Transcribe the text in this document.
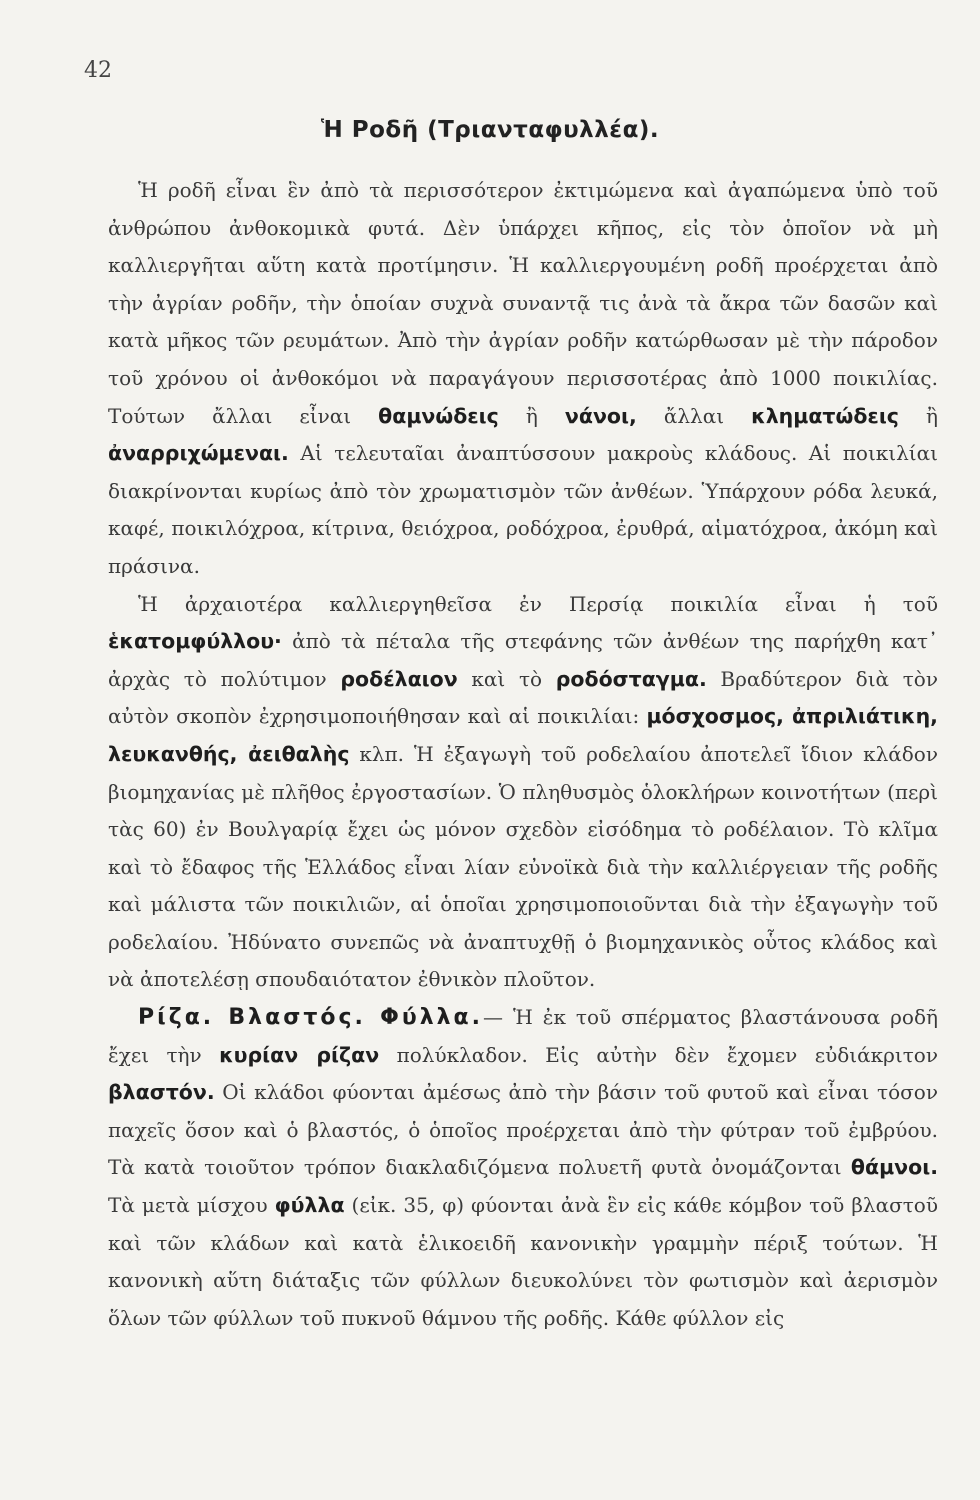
42
Ἡ Ροδῆ (Τριανταφυλλέα).

Ἡ ροδῆ εἶναι ἓν ἀπὸ τὰ περισσότερον ἐκτιμώμενα καὶ ἀγαπώμενα ὑπὸ τοῦ ἀνθρώπου ἀνθοκομικὰ φυτά. Δὲν ὑπάρχει κῆπος, εἰς τὸν ὁποῖον νὰ μὴ καλλιεργῆται αὕτη κατὰ προτίμησιν. Ἡ καλλιεργουμένη ροδῆ προέρχεται ἀπὸ τὴν ἀγρίαν ροδῆν, τὴν ὁποίαν συχνὰ συναντᾷ τις ἀνὰ τὰ ἄκρα τῶν δασῶν καὶ κατὰ μῆκος τῶν ρευμάτων. Ἀπὸ τὴν ἀγρίαν ροδῆν κατώρθωσαν μὲ τὴν πάροδον τοῦ χρόνου οἱ ἀνθοκόμοι νὰ παραγάγουν περισσοτέρας ἀπὸ 1000 ποικιλίας. Τούτων ἄλλαι εἶναι θαμνώδεις ἢ νάνοι, ἄλλαι κληματώδεις ἢ ἀναρριχώμεναι. Αἱ τελευταῖαι ἀναπτύσσουν μακροὺς κλάδους. Αἱ ποικιλίαι διακρίνονται κυρίως ἀπὸ τὸν χρωματισμὸν τῶν ἀνθέων. Ὑπάρχουν ρόδα λευκά, καφέ, ποικιλόχροα, κίτρινα, θειόχροα, ροδόχροα, ἐρυθρά, αἱματόχροα, ἀκόμη καὶ πράσινα.

Ἡ ἀρχαιοτέρα καλλιεργηθεῖσα ἐν Περσίᾳ ποικιλία εἶναι ἡ τοῦ ἑκατομφύλλου· ἀπὸ τὰ πέταλα τῆς στεφάνης τῶν ἀνθέων της παρήχθη κατ᾽ ἀρχὰς τὸ πολύτιμον ροδέλαιον καὶ τὸ ροδόσταγμα. Βραδύτερον διὰ τὸν αὐτὸν σκοπὸν ἐχρησιμοποιήθησαν καὶ αἱ ποικιλίαι: μόσχοσμος, ἀπριλιάτικη, λευκανθής, ἀειθαλὴς κλπ. Ἡ ἐξαγωγὴ τοῦ ροδελαίου ἀποτελεῖ ἴδιον κλάδον βιομηχανίας μὲ πλῆθος ἐργοστασίων. Ὁ πληθυσμὸς ὁλοκλήρων κοινοτήτων (περὶ τὰς 60) ἐν Βουλγαρίᾳ ἔχει ὡς μόνον σχεδὸν εἰσόδημα τὸ ροδέλαιον. Τὸ κλῖμα καὶ τὸ ἔδαφος τῆς Ἑλλάδος εἶναι λίαν εὐνοϊκὰ διὰ τὴν καλλιέργειαν τῆς ροδῆς καὶ μάλιστα τῶν ποικιλιῶν, αἱ ὁποῖαι χρησιμοποιοῦνται διὰ τὴν ἐξαγωγὴν τοῦ ροδελαίου. Ἠδύνατο συνεπῶς νὰ ἀναπτυχθῇ ὁ βιομηχανικὸς οὗτος κλάδος καὶ νὰ ἀποτελέσῃ σπουδαιότατον ἐθνικὸν πλοῦτον.

Ρίζα. Βλαστός. Φύλλα.— Ἡ ἐκ τοῦ σπέρματος βλαστάνουσα ροδῆ ἔχει τὴν κυρίαν ρίζαν πολύκλαδον. Εἰς αὐτὴν δὲν ἔχομεν εὐδιάκριτον βλαστόν. Οἱ κλάδοι φύονται ἀμέσως ἀπὸ τὴν βάσιν τοῦ φυτοῦ καὶ εἶναι τόσον παχεῖς ὅσον καὶ ὁ βλαστός, ὁ ὁποῖος προέρχεται ἀπὸ τὴν φύτραν τοῦ ἐμβρύου. Τὰ κατὰ τοιοῦτον τρόπον διακλαδιζόμενα πολυετῆ φυτὰ ὀνομάζονται θάμνοι. Τὰ μετὰ μίσχου φύλλα (εἰκ. 35, φ) φύονται ἀνὰ ἓν εἰς κάθε κόμβον τοῦ βλαστοῦ καὶ τῶν κλάδων καὶ κατὰ ἑλικοειδῆ κανονικὴν γραμμὴν πέριξ τούτων. Ἡ κανονικὴ αὕτη διάταξις τῶν φύλλων διευκολύνει τὸν φωτισμὸν καὶ ἀερισμὸν ὅλων τῶν φύλλων τοῦ πυκνοῦ θάμνου τῆς ροδῆς. Κάθε φύλλον εἰς
